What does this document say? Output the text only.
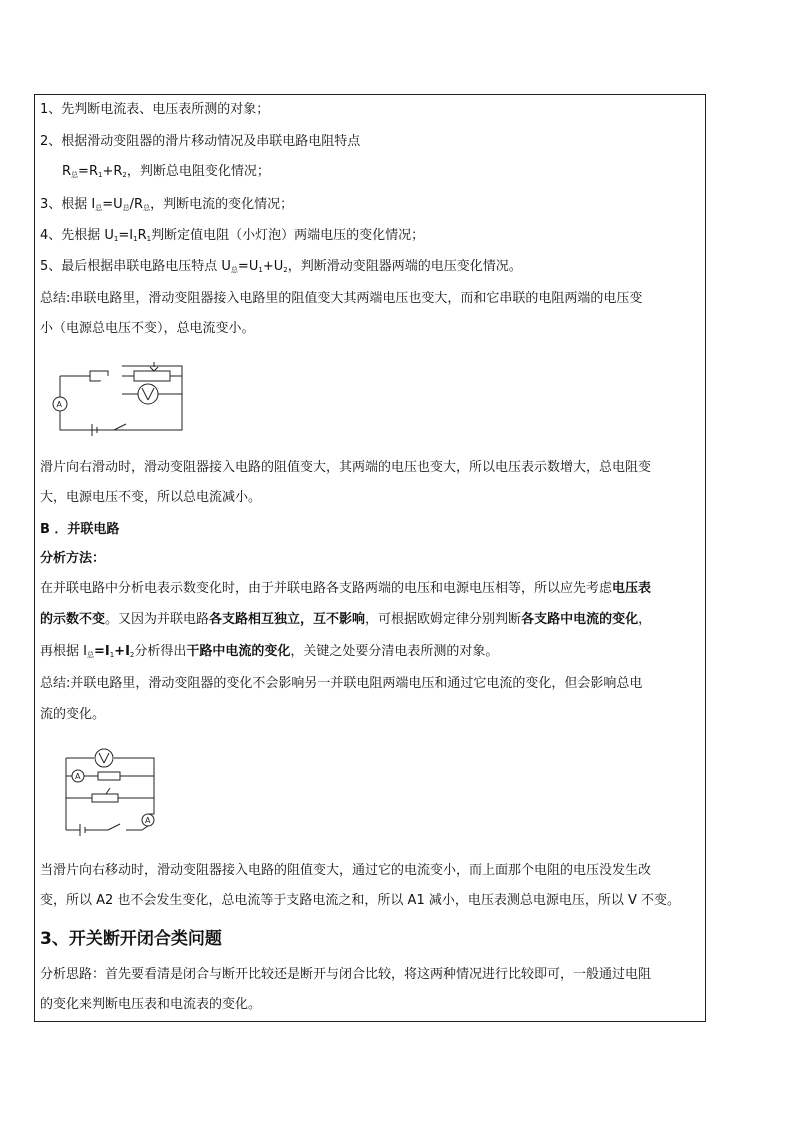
1、先判断电流表、电压表所测的对象；
2、根据滑动变阻器的滑片移动情况及串联电路电阻特点
$R_总=R_1+R_2$，判断总电阻变化情况；
3、根据 $I_总=U_总/R_总$，判断电流的变化情况；
4、先根据 $U_1=I_1R_1$判断定值电阻（小灯泡）两端电压的变化情况；
5、最后根据串联电路电压特点 $U_总=U_1+U_2$，判断滑动变阻器两端的电压变化情况。
总结:串联电路里，滑动变阻器接入电路里的阻值变大其两端电压也变大，而和它串联的电阻两端的电压变
小（电源总电压不变），总电流变小。
A
滑片向右滑动时，滑动变阻器接入电路的阻值变大，其两端的电压也变大，所以电压表示数增大，总电阻变
大，电源电压不变，所以总电流减小。
B ．并联电路
分析方法：
在并联电路中分析电表示数变化时，由于并联电路各支路两端的电压和电源电压相等，所以应先考虑电压表
的示数不变。又因为并联电路各支路相互独立，互不影响，可根据欧姆定律分别判断各支路中电流的变化，
再根据 $I_总=I_1+I_2$分析得出干路中电流的变化，关键之处要分清电表所测的对象。
总结:并联电路里，滑动变阻器的变化不会影响另一并联电阻两端电压和通过它电流的变化，但会影响总电
流的变化。
A
A
当滑片向右移动时，滑动变阻器接入电路的阻值变大，通过它的电流变小，而上面那个电阻的电压没发生改
变，所以 A2 也不会发生变化，总电流等于支路电流之和，所以 A1 减小，电压表测总电源电压，所以 V 不变。
3、开关断开闭合类问题
分析思路：首先要看清是闭合与断开比较还是断开与闭合比较，将这两种情况进行比较即可，一般通过电阻
的变化来判断电压表和电流表的变化。
